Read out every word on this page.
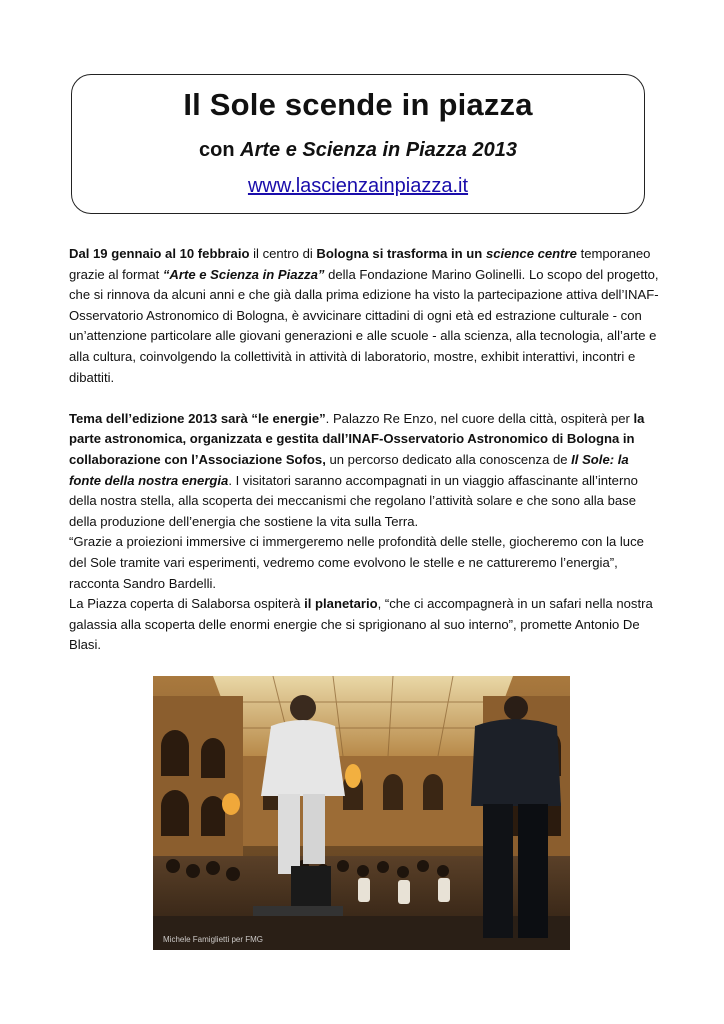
Il Sole scende in piazza
con Arte e Scienza in Piazza 2013
www.lascienzainpiazza.it

Dal 19 gennaio al 10 febbraio il centro di Bologna si trasforma in un science centre temporaneo grazie al format “Arte e Scienza in Piazza” della Fondazione Marino Golinelli. Lo scopo del progetto, che si rinnova da alcuni anni e che già dalla prima edizione ha visto la partecipazione attiva dell’INAF-Osservatorio Astronomico di Bologna, è avvicinare cittadini di ogni età ed estrazione culturale - con un’attenzione particolare alle giovani generazioni e alle scuole - alla scienza, alla tecnologia, all’arte e alla cultura, coinvolgendo la collettività in attività di laboratorio, mostre, exhibit interattivi, incontri e dibattiti.

Tema dell’edizione 2013 sarà “le energie”. Palazzo Re Enzo, nel cuore della città, ospiterà per la parte astronomica, organizzata e gestita dall’INAF-Osservatorio Astronomico di Bologna in collaborazione con l’Associazione Sofos, un percorso dedicato alla conoscenza de Il Sole: la fonte della nostra energia. I visitatori saranno accompagnati in un viaggio affascinante all’interno della nostra stella, alla scoperta dei meccanismi che regolano l’attività solare e che sono alla base della produzione dell’energia che sostiene la vita sulla Terra.

“Grazie a proiezioni immersive ci immergeremo nelle profondità delle stelle, giocheremo con la luce del Sole tramite vari esperimenti, vedremo come evolvono le stelle e ne cattureremo l’energia”, racconta Sandro Bardelli.

La Piazza coperta di Salaborsa ospiterà il planetario, “che ci accompagnerà in un safari nella nostra galassia alla scoperta delle enormi energie che si sprigionano al suo interno”, promette Antonio De Blasi.

Michele Famiglietti per FMG
